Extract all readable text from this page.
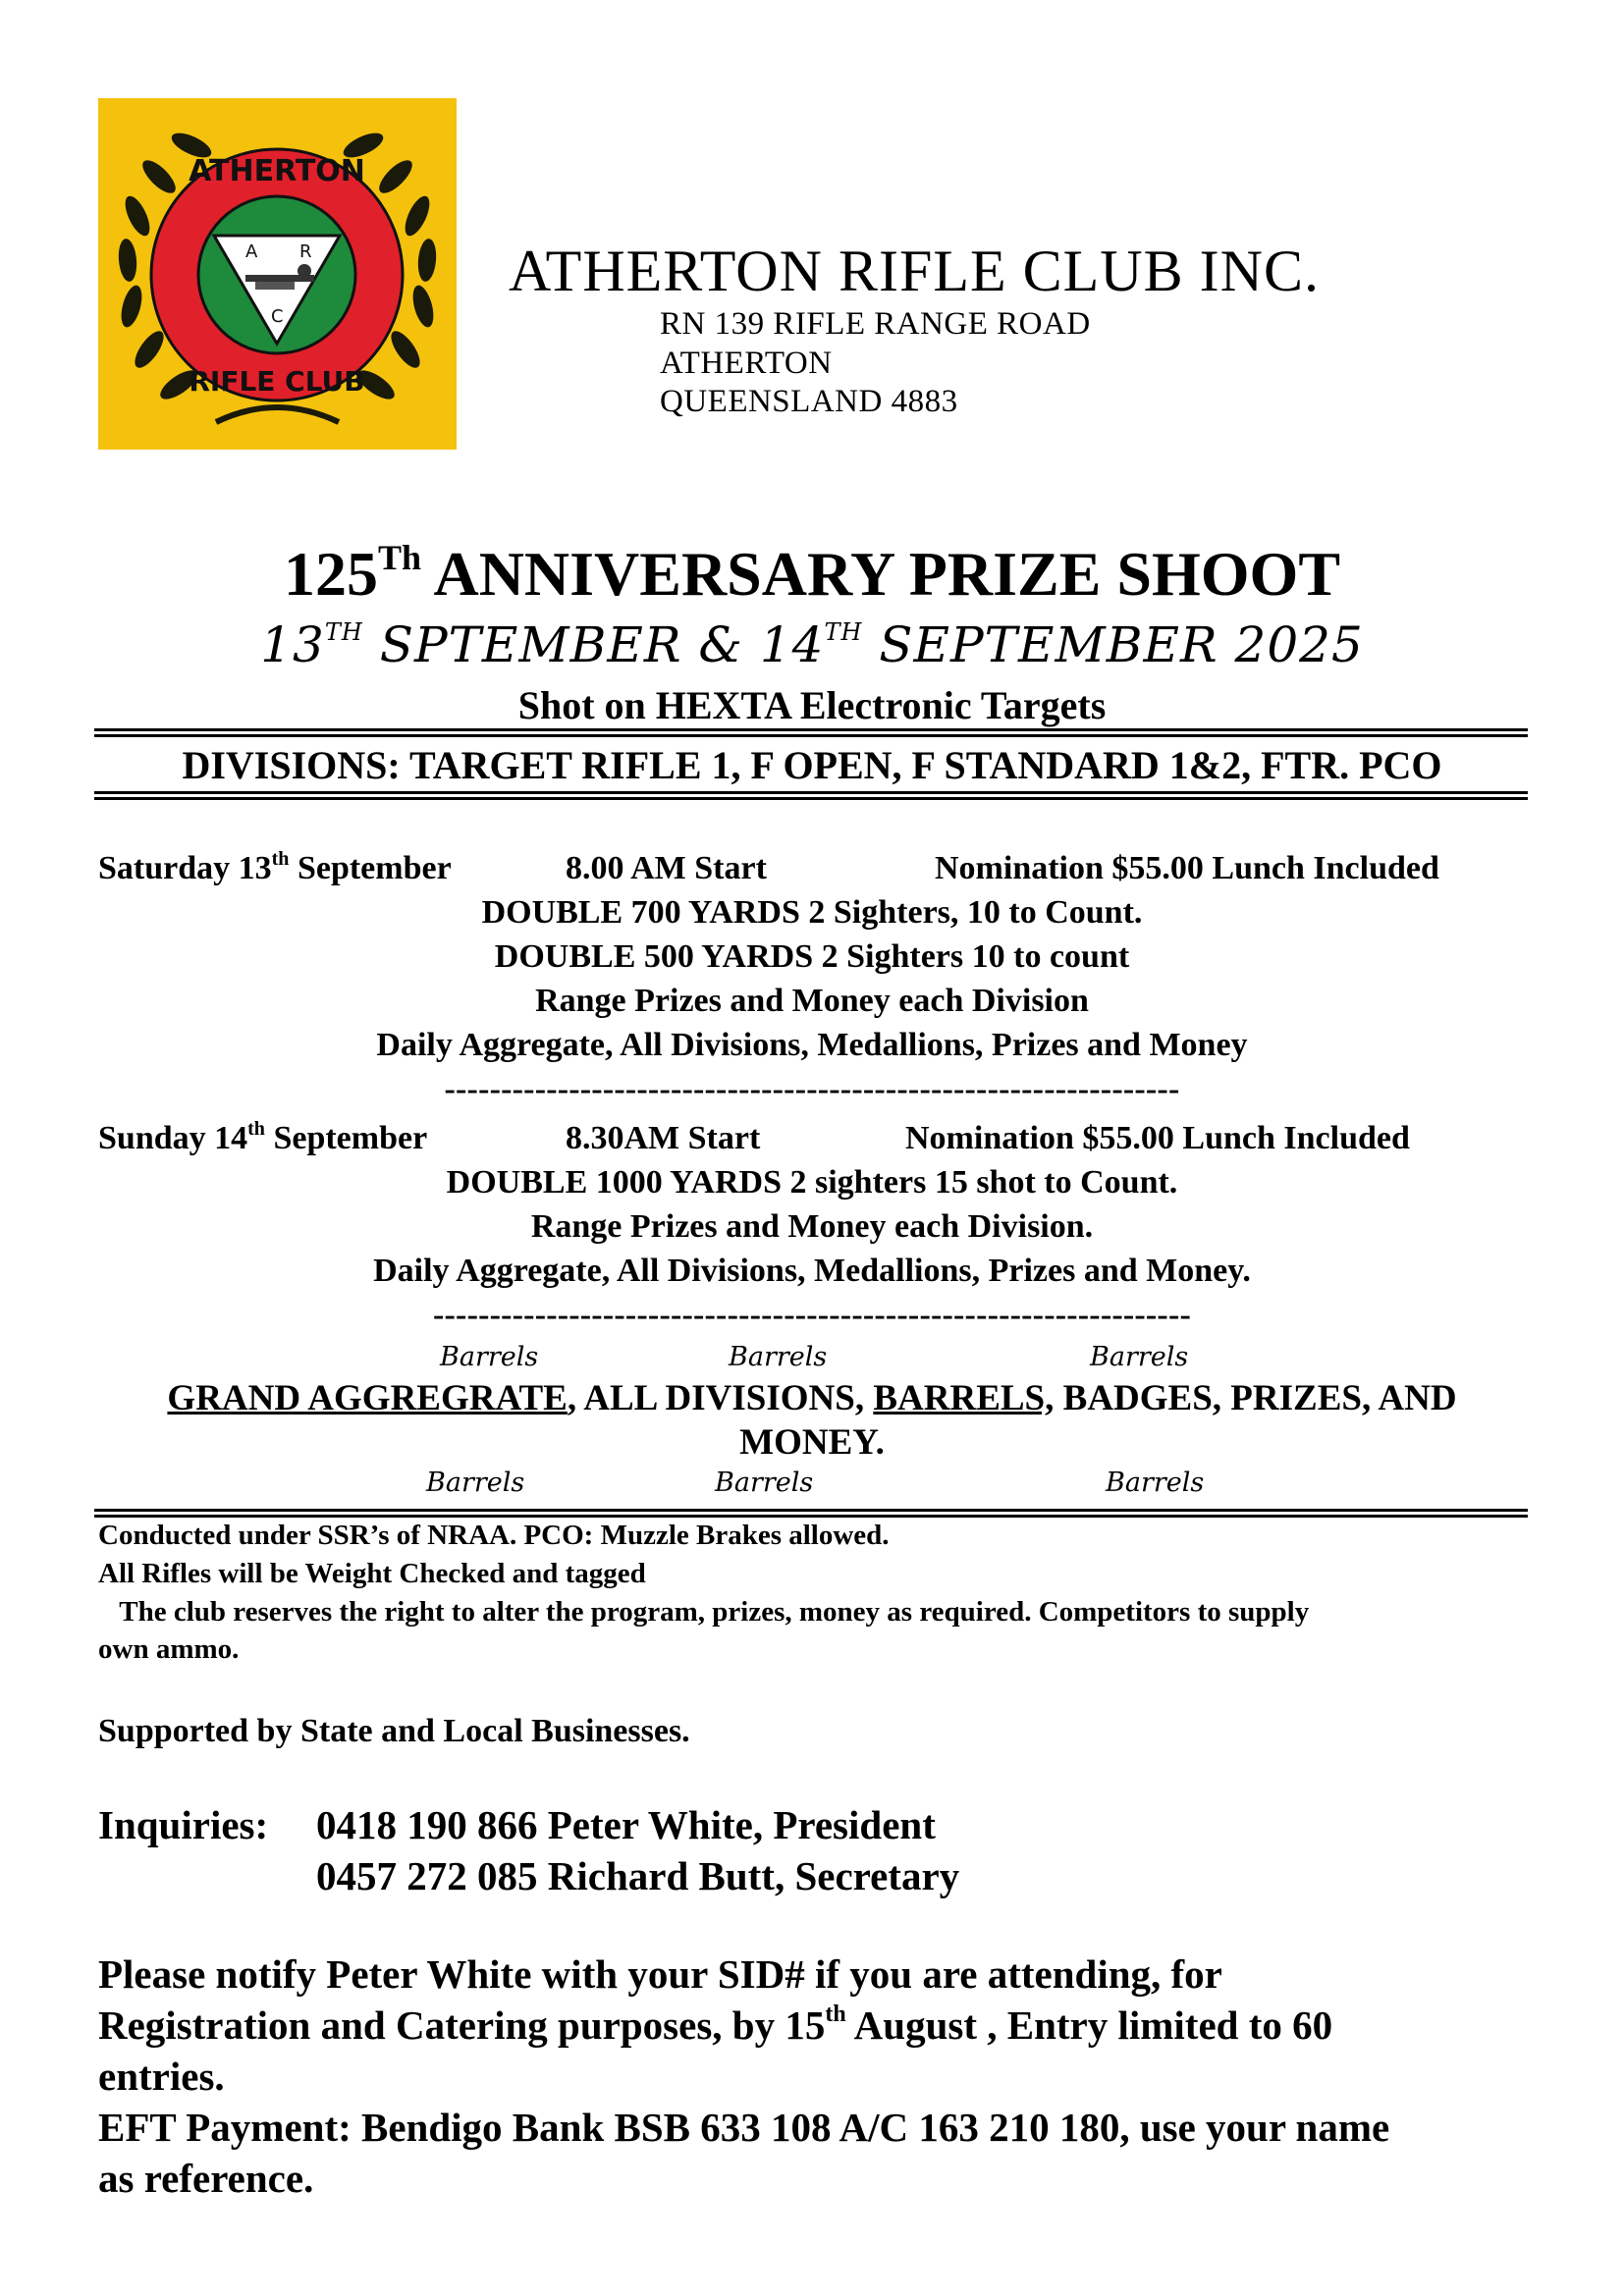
ATHERTON
RIFLE CLUB
A R
C
ATHERTON RIFLE CLUB INC.
RN 139 RIFLE RANGE ROAD
ATHERTON
QUEENSLAND 4883
125Th ANNIVERSARY PRIZE SHOOT
13TH SPTEMBER & 14TH SEPTEMBER 2025
Shot on HEXTA Electronic Targets
DIVISIONS: TARGET RIFLE 1, F OPEN, F STANDARD 1&2, FTR. PCO
Saturday 13th September	8.00 AM Start	Nomination $55.00 Lunch Included
DOUBLE 700 YARDS 2 Sighters, 10 to Count.
DOUBLE 500 YARDS 2 Sighters 10 to count
Range Prizes and Money each Division
Daily Aggregate, All Divisions, Medallions, Prizes and Money
-----------------------------------------------------------------
Sunday 14th September	8.30AM Start	Nomination $55.00 Lunch Included
DOUBLE 1000 YARDS 2 sighters 15 shot to Count.
Range Prizes and Money each Division.
Daily Aggregate, All Divisions, Medallions, Prizes and Money.
-------------------------------------------------------------------
Barrels	Barrels	Barrels
GRAND AGGREGRATE, ALL DIVISIONS, BARRELS, BADGES, PRIZES, AND
MONEY.
Barrels	Barrels	Barrels
Conducted under SSR’s of NRAA. PCO: Muzzle Brakes allowed.
All Rifles will be Weight Checked and tagged
The club reserves the right to alter the program, prizes, money as required. Competitors to supply
own ammo.
Supported by State and Local Businesses.
Inquiries: 0418 190 866 Peter White, President
0457 272 085 Richard Butt, Secretary
Please notify Peter White with your SID# if you are attending, for
Registration and Catering purposes, by 15th August , Entry limited to 60
entries.
EFT Payment: Bendigo Bank BSB 633 108 A/C 163 210 180, use your name
as reference.
